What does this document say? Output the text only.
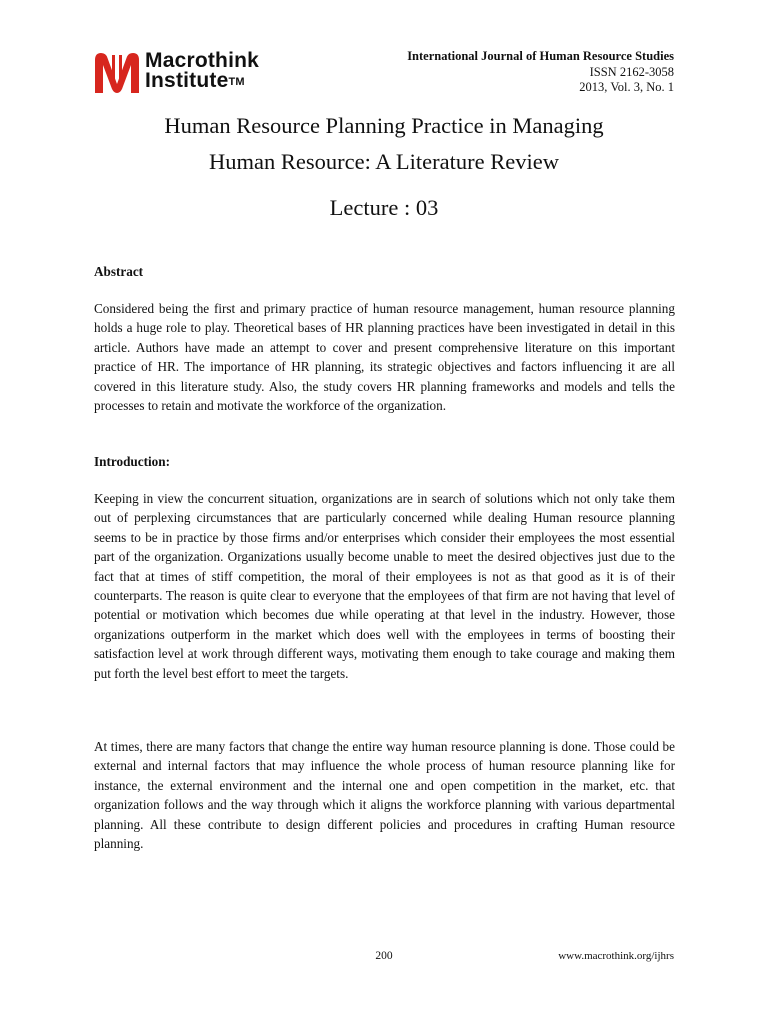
Macrothink
Institute™
International Journal of Human Resource Studies
ISSN 2162-3058
2013, Vol. 3, No. 1
Human Resource Planning Practice in Managing
Human Resource: A Literature Review
Lecture : 03
Abstract

Considered being the first and primary practice of human resource management, human resource planning holds a huge role to play. Theoretical bases of HR planning practices have been investigated in detail in this article. Authors have made an attempt to cover and present comprehensive literature on this important practice of HR. The importance of HR planning, its strategic objectives and factors influencing it are all covered in this literature study. Also, the study covers HR planning frameworks and models and tells the processes to retain and motivate the workforce of the organization.

Introduction:

Keeping in view the concurrent situation, organizations are in search of solutions which not only take them out of perplexing circumstances that are particularly concerned while dealing Human resource planning seems to be in practice by those firms and/or enterprises which consider their employees the most essential part of the organization. Organizations usually become unable to meet the desired objectives just due to the fact that at times of stiff competition, the moral of their employees is not as that good as it is of their counterparts. The reason is quite clear to everyone that the employees of that firm are not having that level of potential or motivation which becomes due while operating at that level in the industry. However, those organizations outperform in the market which does well with the employees in terms of boosting their satisfaction level at work through different ways, motivating them enough to take courage and making them put forth the level best effort to meet the targets.

At times, there are many factors that change the entire way human resource planning is done. Those could be external and internal factors that may influence the whole process of human resource planning like for instance, the external environment and the internal one and open competition in the market, etc. that organization follows and the way through which it aligns the workforce planning with various departmental planning. All these contribute to design different policies and procedures in crafting Human resource planning.

200	www.macrothink.org/ijhrs
